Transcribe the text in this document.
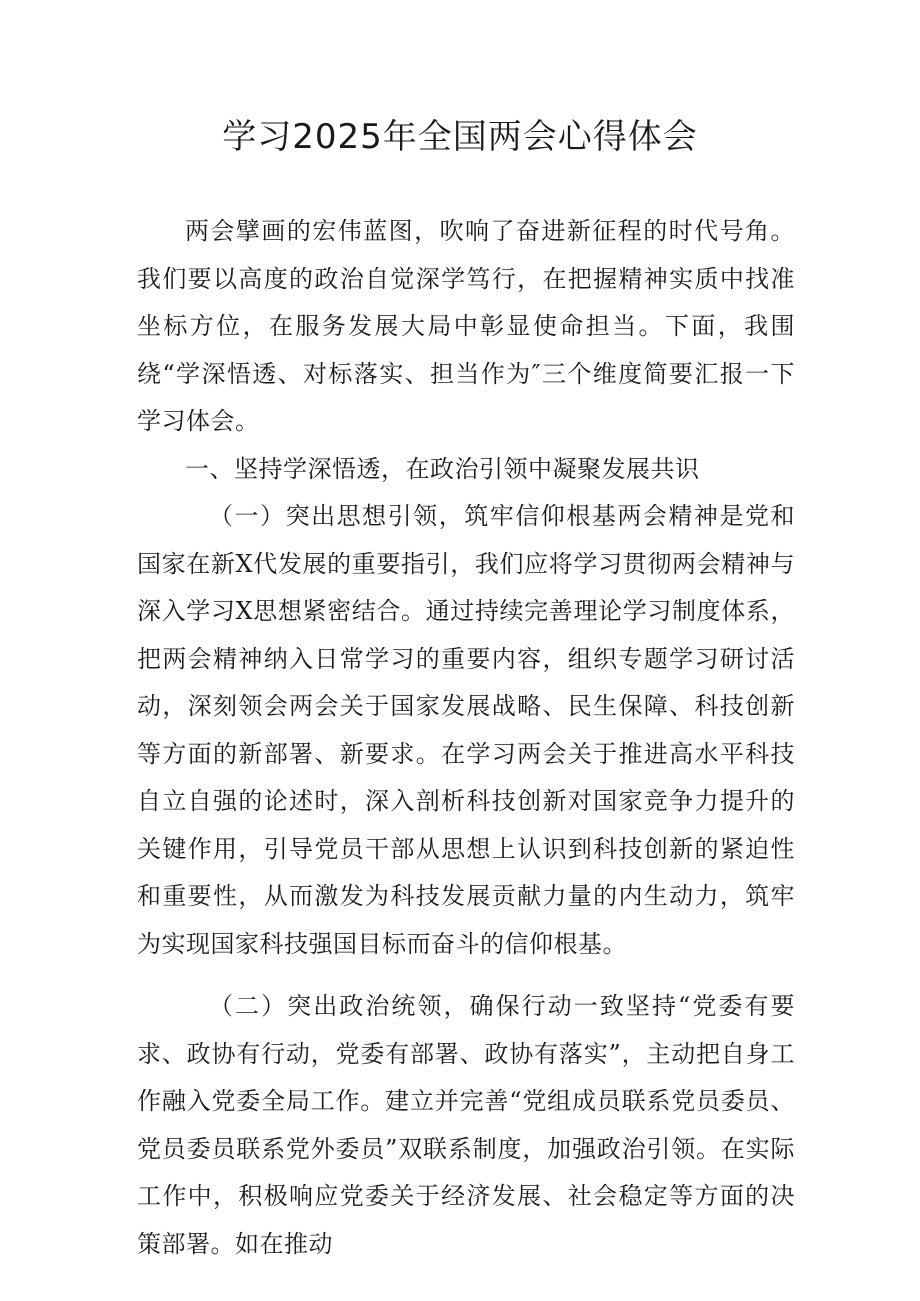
学习2025年全国两会心得体会

两会擘画的宏伟蓝图，吹响了奋进新征程的时代号角。我们要以高度的政治自觉深学笃行，在把握精神实质中找准坐标方位，在服务发展大局中彰显使命担当。下面，我围绕“学深悟透、对标落实、担当作为″三个维度简要汇报一下学习体会。

一、坚持学深悟透，在政治引领中凝聚发展共识

（一）突出思想引领，筑牢信仰根基两会精神是党和国家在新X代发展的重要指引，我们应将学习贯彻两会精神与深入学习X思想紧密结合。通过持续完善理论学习制度体系，把两会精神纳入日常学习的重要内容，组织专题学习研讨活动，深刻领会两会关于国家发展战略、民生保障、科技创新等方面的新部署、新要求。在学习两会关于推进高水平科技自立自强的论述时，深入剖析科技创新对国家竞争力提升的关键作用，引导党员干部从思想上认识到科技创新的紧迫性和重要性，从而激发为科技发展贡献力量的内生动力，筑牢为实现国家科技强国目标而奋斗的信仰根基。

（二）突出政治统领，确保行动一致坚持“党委有要求、政协有行动，党委有部署、政协有落实”，主动把自身工作融入党委全局工作。建立并完善“党组成员联系党员委员、党员委员联系党外委员”双联系制度，加强政治引领。在实际工作中，积极响应党委关于经济发展、社会稳定等方面的决策部署。如在推动
